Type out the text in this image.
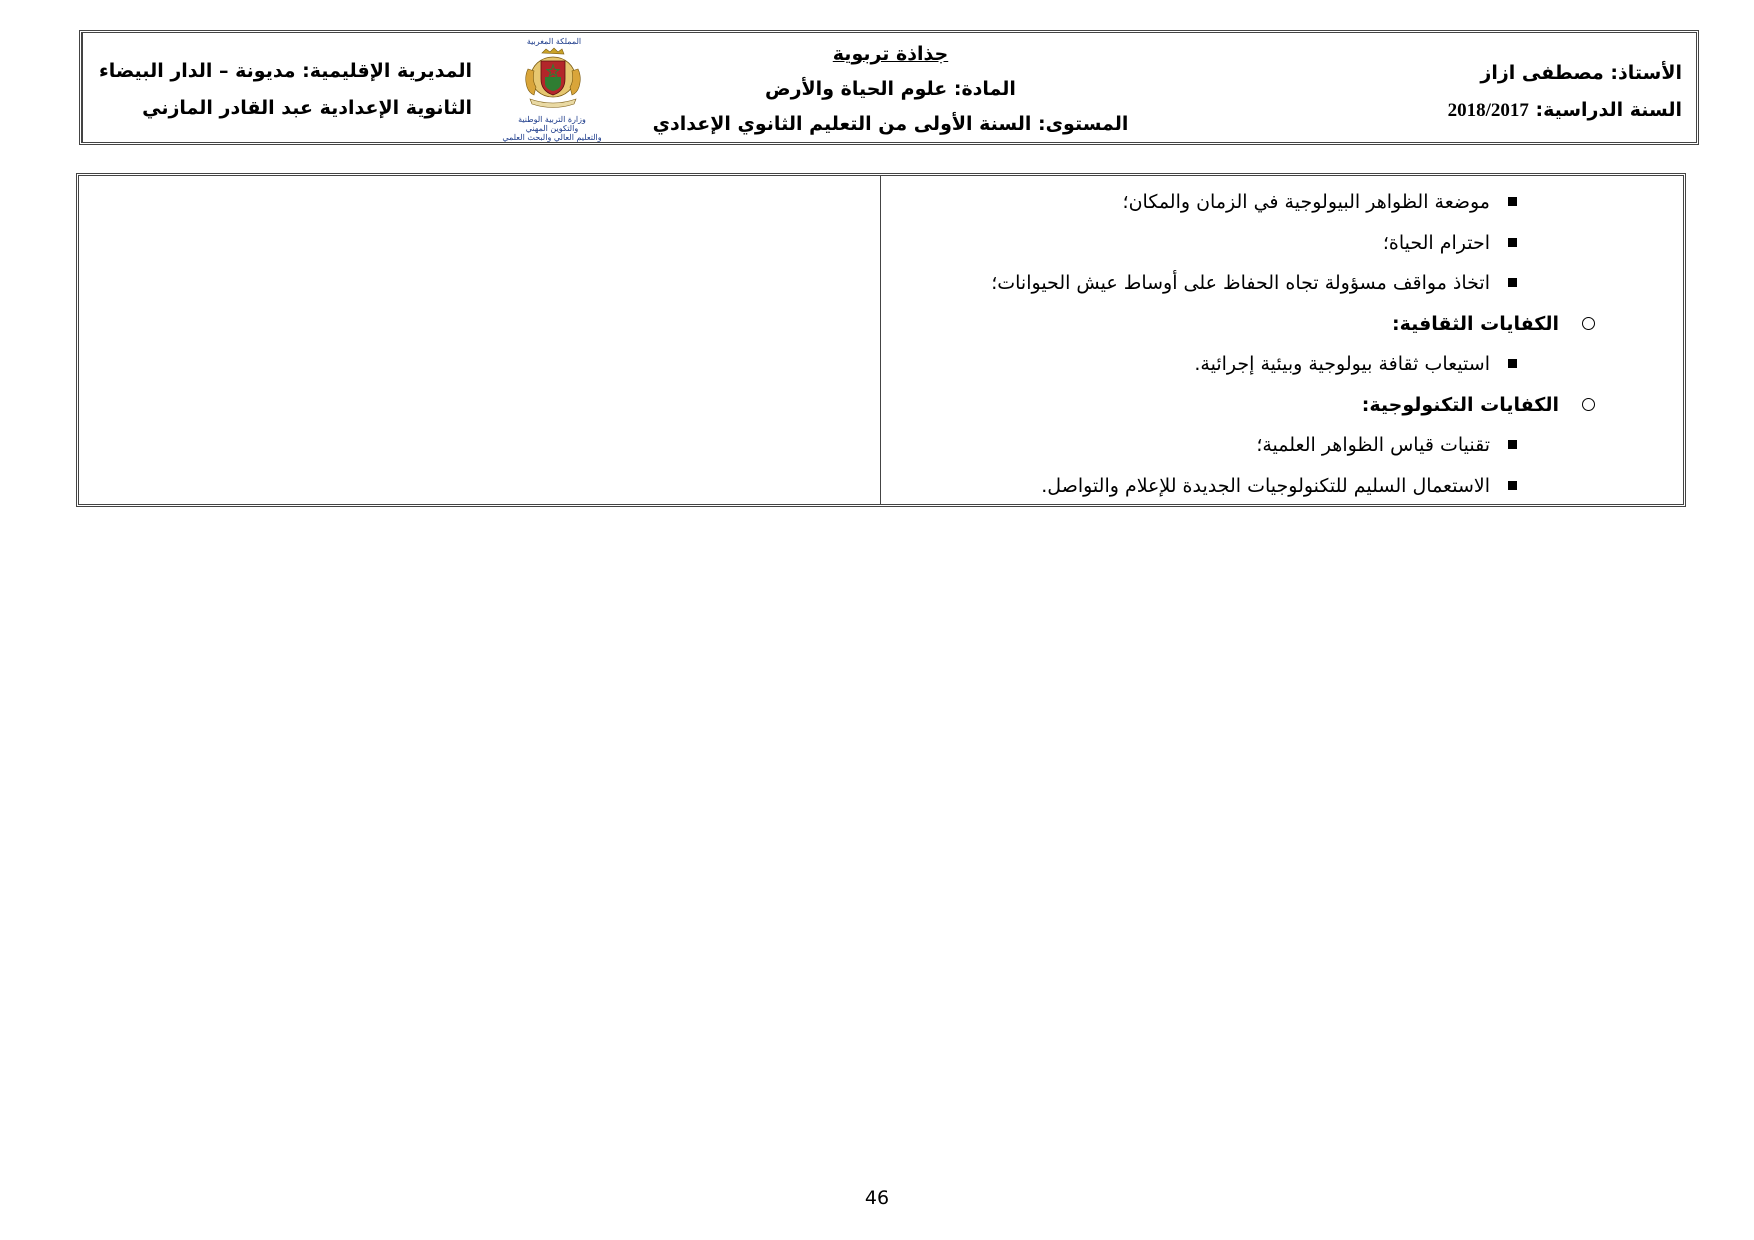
المملكة المغربية
وزارة التربية الوطنية
والتكوين المهني
والتعليم العالي والبحث العلمي
المديرية الإقليمية: مديونة – الدار البيضاء
الثانوية الإعدادية عبد القادر المازني
جذاذة تربوية
المادة: علوم الحياة والأرض
المستوى: السنة الأولى من التعليم الثانوي الإعدادي
الأستاذ: مصطفى ازاز
السنة الدراسية: 2018/2017
موضعة الظواهر البيولوجية في الزمان والمكان؛
احترام الحياة؛
اتخاذ مواقف مسؤولة تجاه الحفاظ على أوساط عيش الحيوانات؛
الكفايات الثقافية:
استيعاب ثقافة بيولوجية وبيئية إجرائية.
الكفايات التكنولوجية:
تقنيات قياس الظواهر العلمية؛
الاستعمال السليم للتكنولوجيات الجديدة للإعلام والتواصل.
46
